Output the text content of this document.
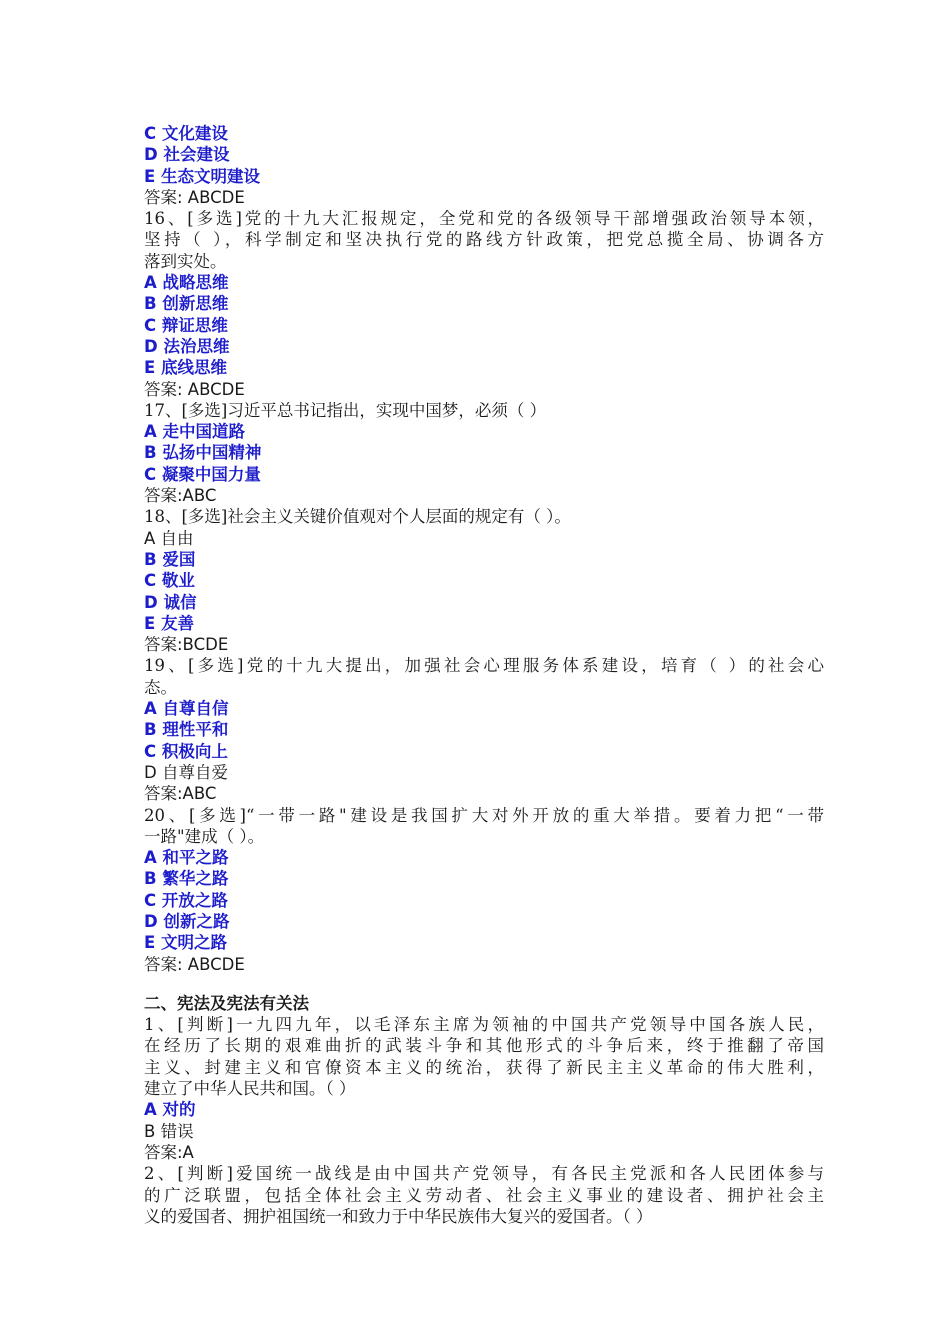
C 文化建设
D 社会建设
E 生态文明建设
答案: ABCDE
16、[多选]党的十九大汇报规定，全党和党的各级领导干部增强政治领导本领，
坚持（ ），科学制定和坚决执行党的路线方针政策，把党总揽全局、协调各方
落到实处。
A 战略思维
B 创新思维
C 辩证思维
D 法治思维
E 底线思维
答案: ABCDE
17、[多选]习近平总书记指出，实现中国梦，必须（ ）
A 走中国道路
B 弘扬中国精神
C 凝聚中国力量
答案:ABC
18、[多选]社会主义关键价值观对个人层面的规定有（ ）。
A 自由
B 爱国
C 敬业
D 诚信
E 友善
答案:BCDE
19、[多选]党的十九大提出，加强社会心理服务体系建设，培育（ ）的社会心
态。
A 自尊自信
B 理性平和
C 积极向上
D 自尊自爱
答案:ABC
20、[多选]“一带一路"建设是我国扩大对外开放的重大举措。要着力把“一带
一路"建成（ ）。
A 和平之路
B 繁华之路
C 开放之路
D 创新之路
E 文明之路
答案: ABCDE
二、宪法及宪法有关法
1、[判断]一九四九年，以毛泽东主席为领袖的中国共产党领导中国各族人民，
在经历了长期的艰难曲折的武装斗争和其他形式的斗争后来，终于推翻了帝国
主义、封建主义和官僚资本主义的统治，获得了新民主主义革命的伟大胜利，
建立了中华人民共和国。（ ）
A 对的
B 错误
答案:A
2、[判断]爱国统一战线是由中国共产党领导，有各民主党派和各人民团体参与
的广泛联盟，包括全体社会主义劳动者、社会主义事业的建设者、拥护社会主
义的爱国者、拥护祖国统一和致力于中华民族伟大复兴的爱国者。（ ）
